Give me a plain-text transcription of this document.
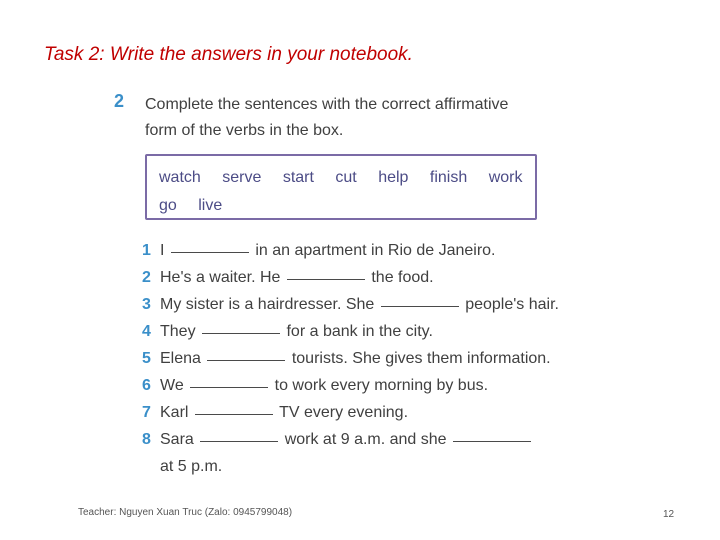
Task 2: Write the answers in your notebook.
2 Complete the sentences with the correct affirmative
form of the verbs in the box.
watch serve start cut help finish work
go live
1 I	in an apartment in Rio de Janeiro.
2 He's a waiter. He	the food.
3 My sister is a hairdresser. She	people's hair.
4 They	for a bank in the city.
5 Elena	tourists. She gives them information.
6 We	to work every morning by bus.
7 Karl	TV every evening.
8 Sara	work at 9 a.m. and she
at 5 p.m.
Teacher: Nguyen Xuan Truc (Zalo: 0945799048)	12
